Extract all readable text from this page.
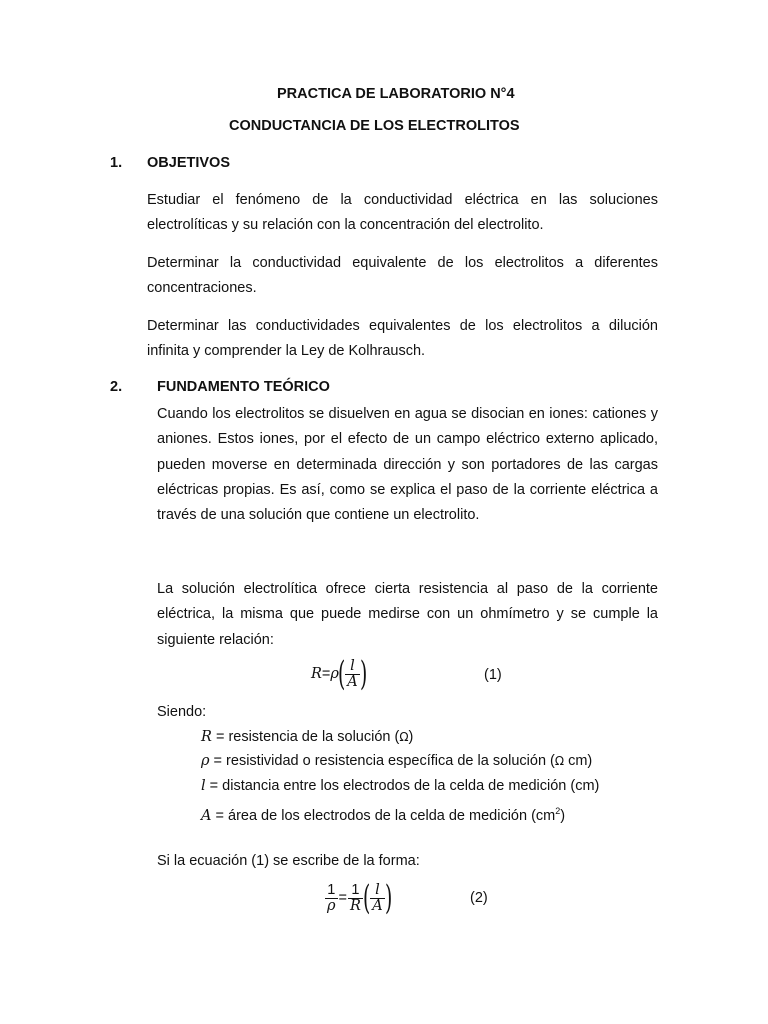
PRACTICA DE LABORATORIO N°4
CONDUCTANCIA DE LOS ELECTROLITOS
1. OBJETIVOS
Estudiar el fenómeno de la conductividad eléctrica en las soluciones electrolíticas y su relación con la concentración del electrolito.
Determinar la conductividad equivalente de los electrolitos a diferentes concentraciones.
Determinar las conductividades equivalentes de los electrolitos a dilución infinita y comprender la Ley de Kolhrausch.
2. FUNDAMENTO TEÓRICO
Cuando los electrolitos se disuelven en agua se disocian en iones: cationes y aniones. Estos iones, por el efecto de un campo eléctrico externo aplicado, pueden moverse en determinada dirección y son portadores de las cargas eléctricas propias. Es así, como se explica el paso de la corriente eléctrica a través de una solución que contiene un electrolito.
La solución electrolítica ofrece cierta resistencia al paso de la corriente eléctrica, la misma que puede medirse con un ohmímetro y se cumple la siguiente relación:
$R=\rho( \frac{l}{A}$ )	(1)
Siendo:
R = resistencia de la solución (Ω)
ρ = resistividad o resistencia específica de la solución (Ω cm)
l = distancia entre los electrodos de la celda de medición (cm)
A = área de los electrodos de la celda de medición $(cm^2)$
Si la ecuación (1) se escribe de la forma:
$\frac{1}{\rho} = \frac{1}{R}$ ( $\frac{l}{A}$ )	(2)
